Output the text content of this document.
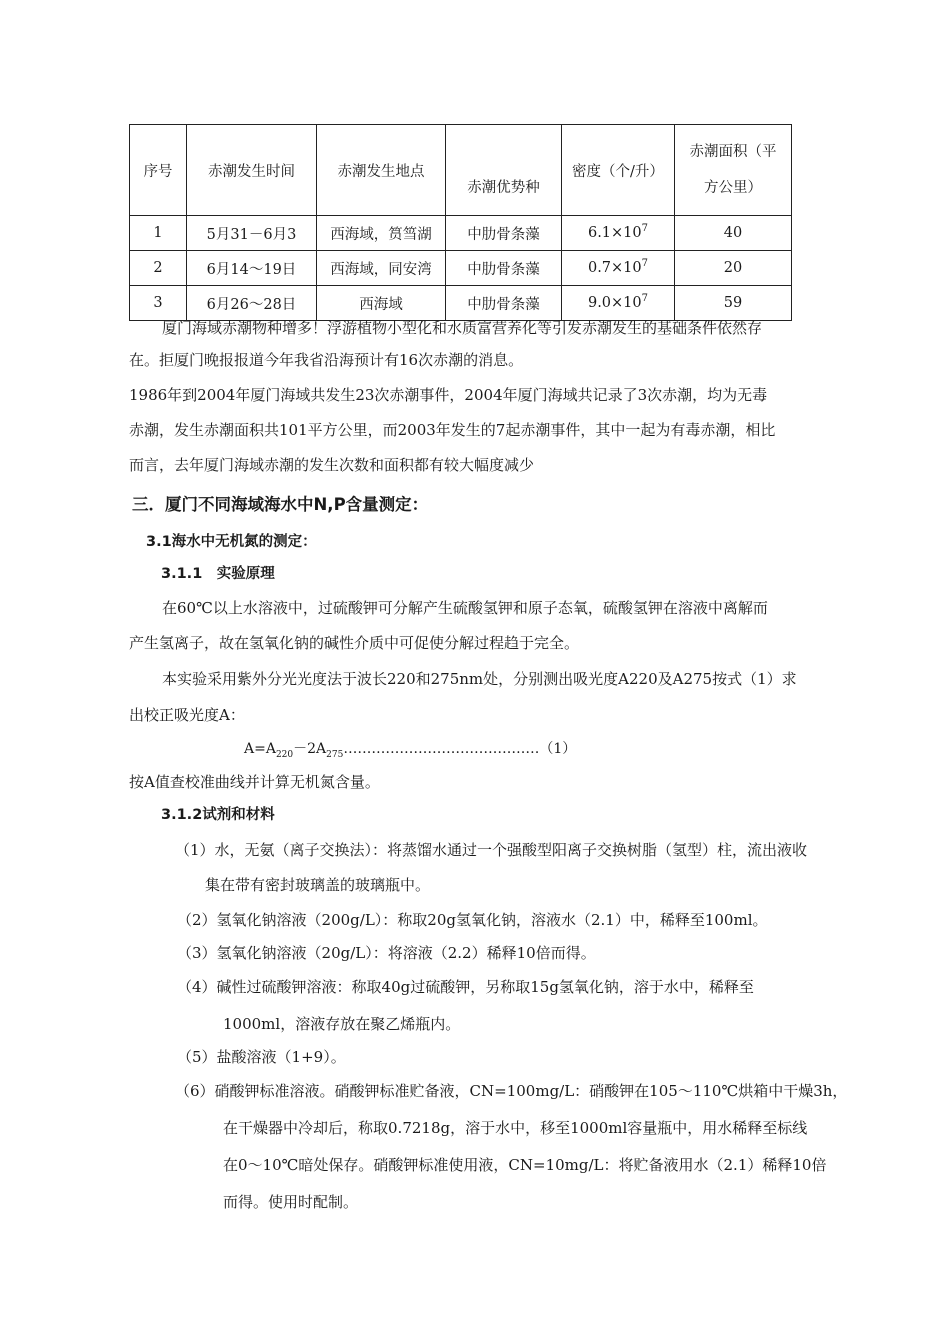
序号	赤潮发生时间	赤潮发生地点	赤潮优势种	密度（个/升）	赤潮面积（平
方公里）
1	5月31－6月3	西海域，筼筜湖	中肋骨条藻	$6.1\times 10^7$	40
2	6月14～19日	西海域，同安湾	中肋骨条藻	$0.7\times 10^7$	20
3	6月26～28日	西海域	中肋骨条藻	$9.0\times 10^7$	59
厦门海域赤潮物种增多！浮游植物小型化和水质富营养化等引发赤潮发生的基础条件依然存
在。拒厦门晚报报道今年我省沿海预计有16次赤潮的消息。
1986年到2004年厦门海域共发生23次赤潮事件，2004年厦门海域共记录了3次赤潮，均为无毒
赤潮，发生赤潮面积共101平方公里，而2003年发生的7起赤潮事件，其中一起为有毒赤潮，相比
而言，去年厦门海域赤潮的发生次数和面积都有较大幅度减少
三．厦门不同海域海水中N,P含量测定：
3.1海水中无机氮的测定：
3.1.1　实验原理
在60℃以上水溶液中，过硫酸钾可分解产生硫酸氢钾和原子态氧，硫酸氢钾在溶液中离解而
产生氢离子，故在氢氧化钠的碱性介质中可促使分解过程趋于完全。
本实验采用紫外分光光度法于波长220和275nm处，分别测出吸光度A220及A275按式（1）求
出校正吸光度A：
$A=A_{220}-2A_{275}\dots\dots\dots\dots\dots\dots\dots\dots\dots\dots\dots\dots\dots\dots(1)$
按A值查校准曲线并计算无机氮含量。
3.1.2试剂和材料
（1）水，无氨（离子交换法）：将蒸馏水通过一个强酸型阳离子交换树脂（氢型）柱，流出液收
集在带有密封玻璃盖的玻璃瓶中。
（2）氢氧化钠溶液（200g/L）：称取20g氢氧化钠，溶液水（2.1）中，稀释至100ml。
（3）氢氧化钠溶液（20g/L）：将溶液（2.2）稀释10倍而得。
（4）碱性过硫酸钾溶液：称取40g过硫酸钾，另称取15g氢氧化钠，溶于水中，稀释至
1000ml，溶液存放在聚乙烯瓶内。
（5）盐酸溶液（1+9）。
（6）硝酸钾标准溶液。硝酸钾标准贮备液，CN=100mg/L：硝酸钾在105～110℃烘箱中干燥3h，
在干燥器中冷却后，称取0.7218g，溶于水中，移至1000ml容量瓶中，用水稀释至标线
在0～10℃暗处保存。硝酸钾标准使用液，CN=10mg/L：将贮备液用水（2.1）稀释10倍
而得。使用时配制。
